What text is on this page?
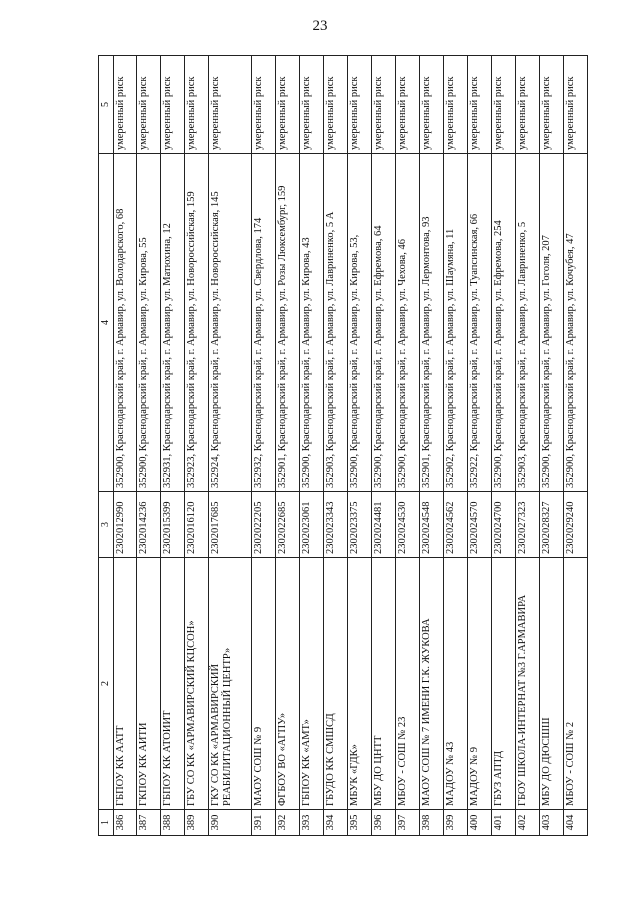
23
1	2	3	4	5
386	ГБПОУ КК ААТТ	2302012990	352900, Краснодарский край, г. Армавир, ул. Володарского, 68	умеренный риск
387	ГКПОУ КК АИТИ	2302014236	352900, Краснодарский край, г. Армавир, ул. Кирова, 55	умеренный риск
388	ГБПОУ КК АТОИИТ	2302015399	352931, Краснодарский край, г. Армавир, ул. Матюхина, 12	умеренный риск
389	ГБУ СО КК «АРМАВИРСКИЙ КЦСОН»	2302016120	352923, Краснодарский край, г. Армавир, ул. Новороссийская, 159	умеренный риск
390	ГКУ СО КК «АРМАВИРСКИЙ РЕАБИЛИТАЦИОННЫЙ ЦЕНТР»	2302017685	352924, Краснодарский край, г. Армавир, ул. Новороссийская, 145	умеренный риск
391	МАОУ СОШ № 9	2302022205	352932, Краснодарский край, г. Армавир, ул. Свердлова, 174	умеренный риск
392	ФГБОУ ВО «АГПУ»	2302022685	352901, Краснодарский край, г. Армавир, ул. Розы Люксембург, 159	умеренный риск
393	ГБПОУ КК «АМТ»	2302023061	352900, Краснодарский край, г. Армавир, ул. Кирова, 43	умеренный риск
394	ГБУДО КК СМШСД	2302023343	352903, Краснодарский край, г. Армавир, ул. Лавриненко, 5 А	умеренный риск
395	МБУК «ГДК»	2302023375	352900, Краснодарский край, г. Армавир, ул. Кирова, 53,	умеренный риск
396	МБУ ДО ЦНТТ	2302024481	352900, Краснодарский край, г. Армавир, ул. Ефремова, 64	умеренный риск
397	МБОУ - СОШ № 23	2302024530	352900, Краснодарский край, г. Армавир, ул. Чехова, 46	умеренный риск
398	МАОУ СОШ № 7 ИМЕНИ Г.К. ЖУКОВА	2302024548	352901, Краснодарский край, г. Армавир, ул. Лермонтова, 93	умеренный риск
399	МАДОУ № 43	2302024562	352902, Краснодарский край, г. Армавир, ул. Шаумяна, 11	умеренный риск
400	МАДОУ № 9	2302024570	352922, Краснодарский край, г. Армавир, ул. Туапсинская, 66	умеренный риск
401	ГБУЗ АПТД	2302024700	352900, Краснодарский край, г. Армавир, ул. Ефремова, 254	умеренный риск
402	ГБОУ ШКОЛА-ИНТЕРНАТ №3 Г.АРМАВИРА	2302027323	352903, Краснодарский край, г. Армавир, ул. Лавриненко, 5	умеренный риск
403	МБУ ДО ДЮСШШ	2302028327	352900, Краснодарский край, г. Армавир, ул. Гоголя, 207	умеренный риск
404	МБОУ - СОШ № 2	2302029240	352900, Краснодарский край, г. Армавир, ул. Кочубея, 47	умеренный риск
